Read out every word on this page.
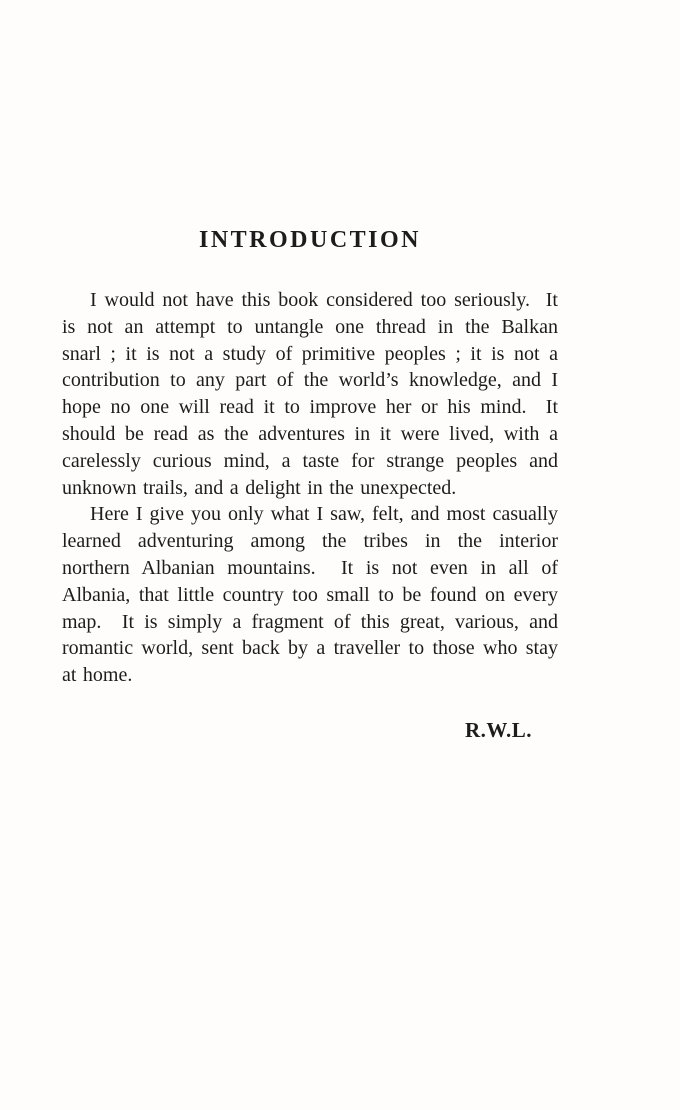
INTRODUCTION

I would not have this book considered too seriously.  It is not an attempt to untangle one thread in the Balkan snarl ; it is not a study of primitive peoples ; it is not a contribution to any part of the world’s knowledge, and I hope no one will read it to improve her or his mind.  It should be read as the adventures in it were lived, with a carelessly curious mind, a taste for strange peoples and unknown trails, and a delight in the unexpected.

Here I give you only what I saw, felt, and most casually learned adventuring among the tribes in the interior northern Albanian mountains.  It is not even in all of Albania, that little country too small to be found on every map.  It is simply a fragment of this great, various, and romantic world, sent back by a traveller to those who stay at home.

R.W.L.
